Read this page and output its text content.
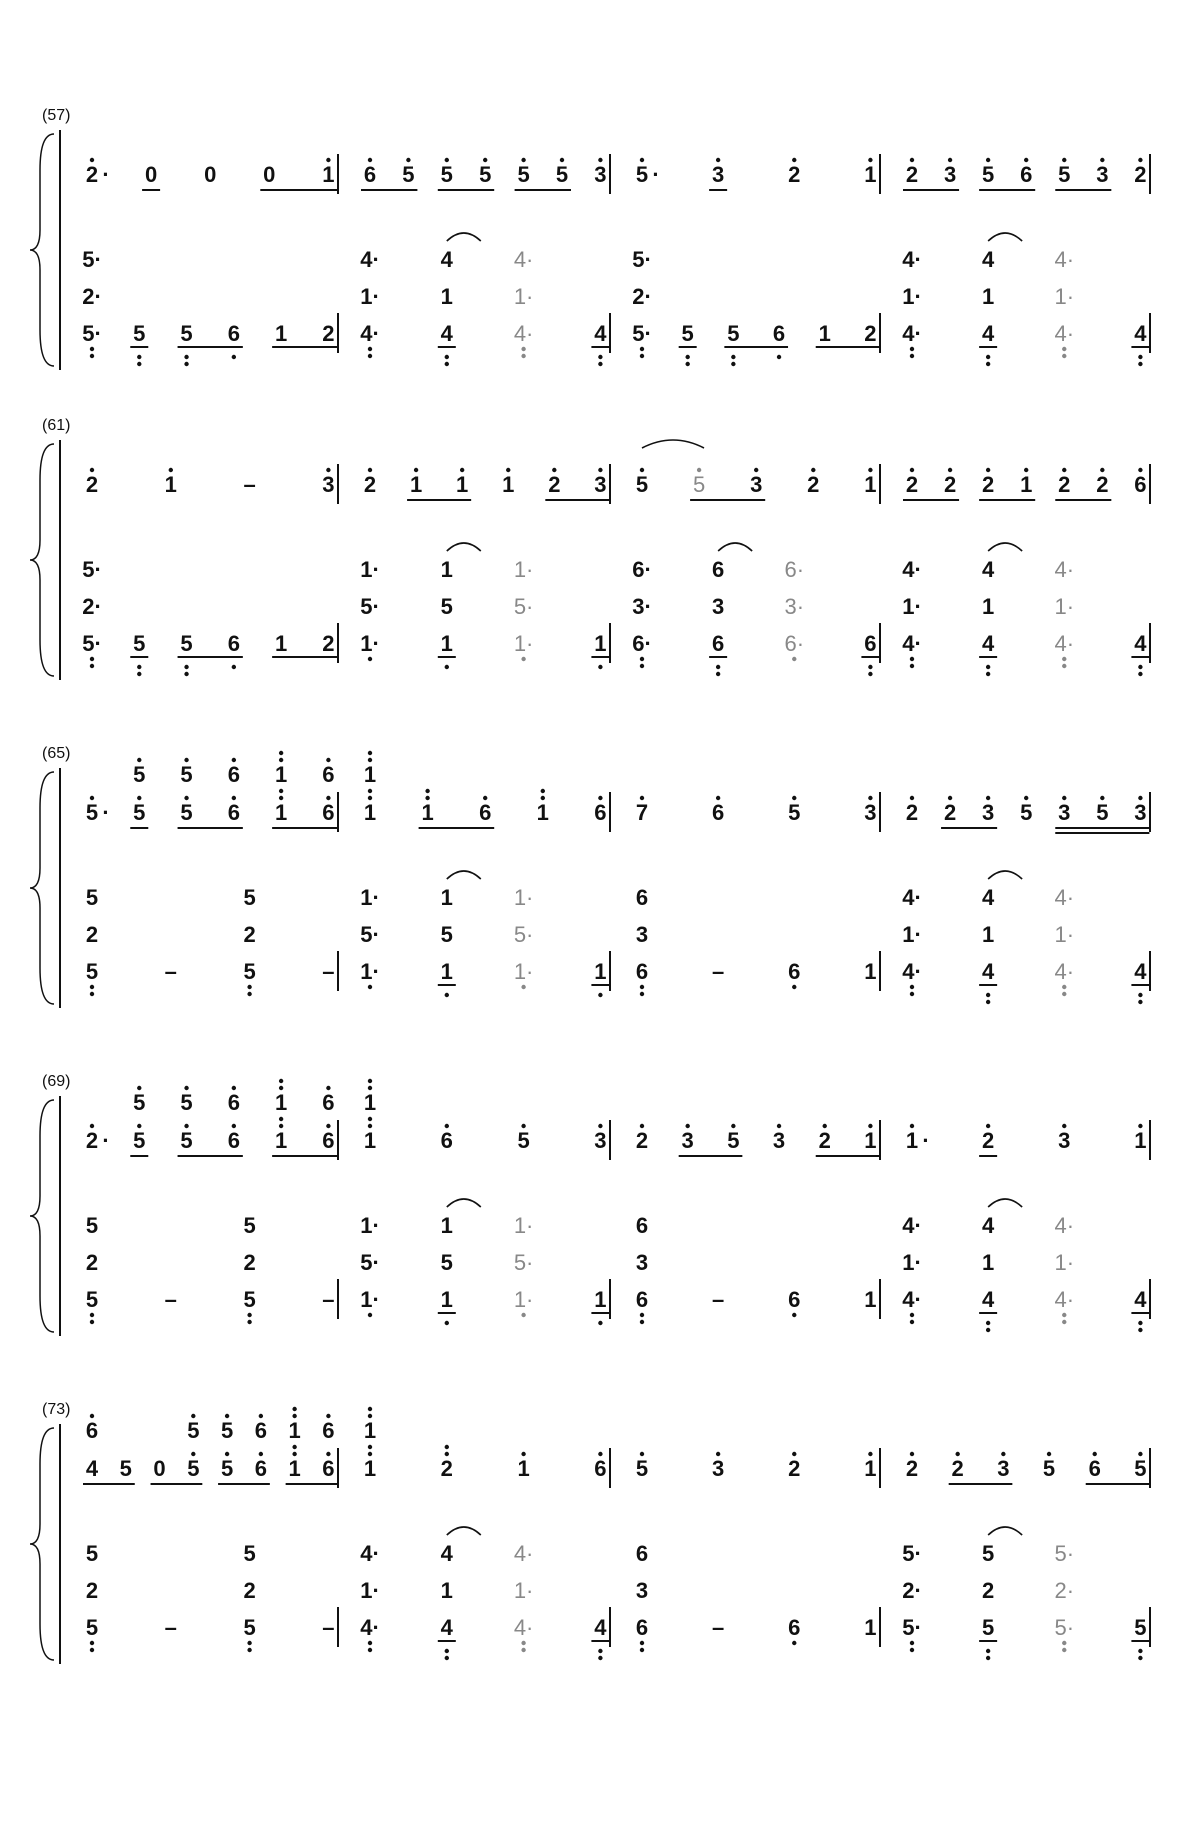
(57)
2 · 0 0 0 1 6 5 5 5 5 5 3 5 · 3	2	1 2 3 5 6 5 3 2
5·
2·
5· 5 5 6 1 2
4·
1·
4·
4
1
4
4·
1·
4·	4
5·
2·
5· 5 5 6 1 2
4·
1·
4·
4
1
4
4·
1·
4·	4
(61)
2	1	–	3 2 1 1 1 2 3 5 5 3 2 1 2 2 2 1 2 2 6
5·
2·
5· 5 5 6 1 2
1·
5·
1·
1
5
1
1·
5·
1·	1
6·
3·
6·
6
3
6
6·
3·
6·	6
4·
1·
4·
4
1
4
4·
1·
4·	4
(65)
5 · 5
5
5
5
6
6
1
1
6
6
1
1
1 6 1 6 7	6	5	3 2 2 3 5 3 5 3
5
2
5	–
5
2
5	–
1·
5·
1·
1
5
1
1·
5·
1·	1
6
3
6	–	6	1
4·
1·
4·
4
1
4
4·
1·
4·	4
(69)
2 · 5
5
5
5
6
6
1
1
6
6
1
1
6	5	3 2 3 5 3 2 1 1 · 2	3	1
5
2
5	–
5
2
5	–
1·
5·
1·
1
5
1
1·
5·
1·	1
6
3
6	–	6	1
4·
1·
4·
4
1
4
4·
1·
4·	4
(73)
4
6
5 0 5
5
5
5
6
6
1
1
6
6
1
1
2	1	6 5	3	2	1 2 2 3 5 6 5
5
2
5	–
5
2
5	–
4·
1·
4·
4
1
4
4·
1·
4·	4
6
3
6	–	6	1
5·
2·
5·
5
2
5
5·
2·
5·	5
